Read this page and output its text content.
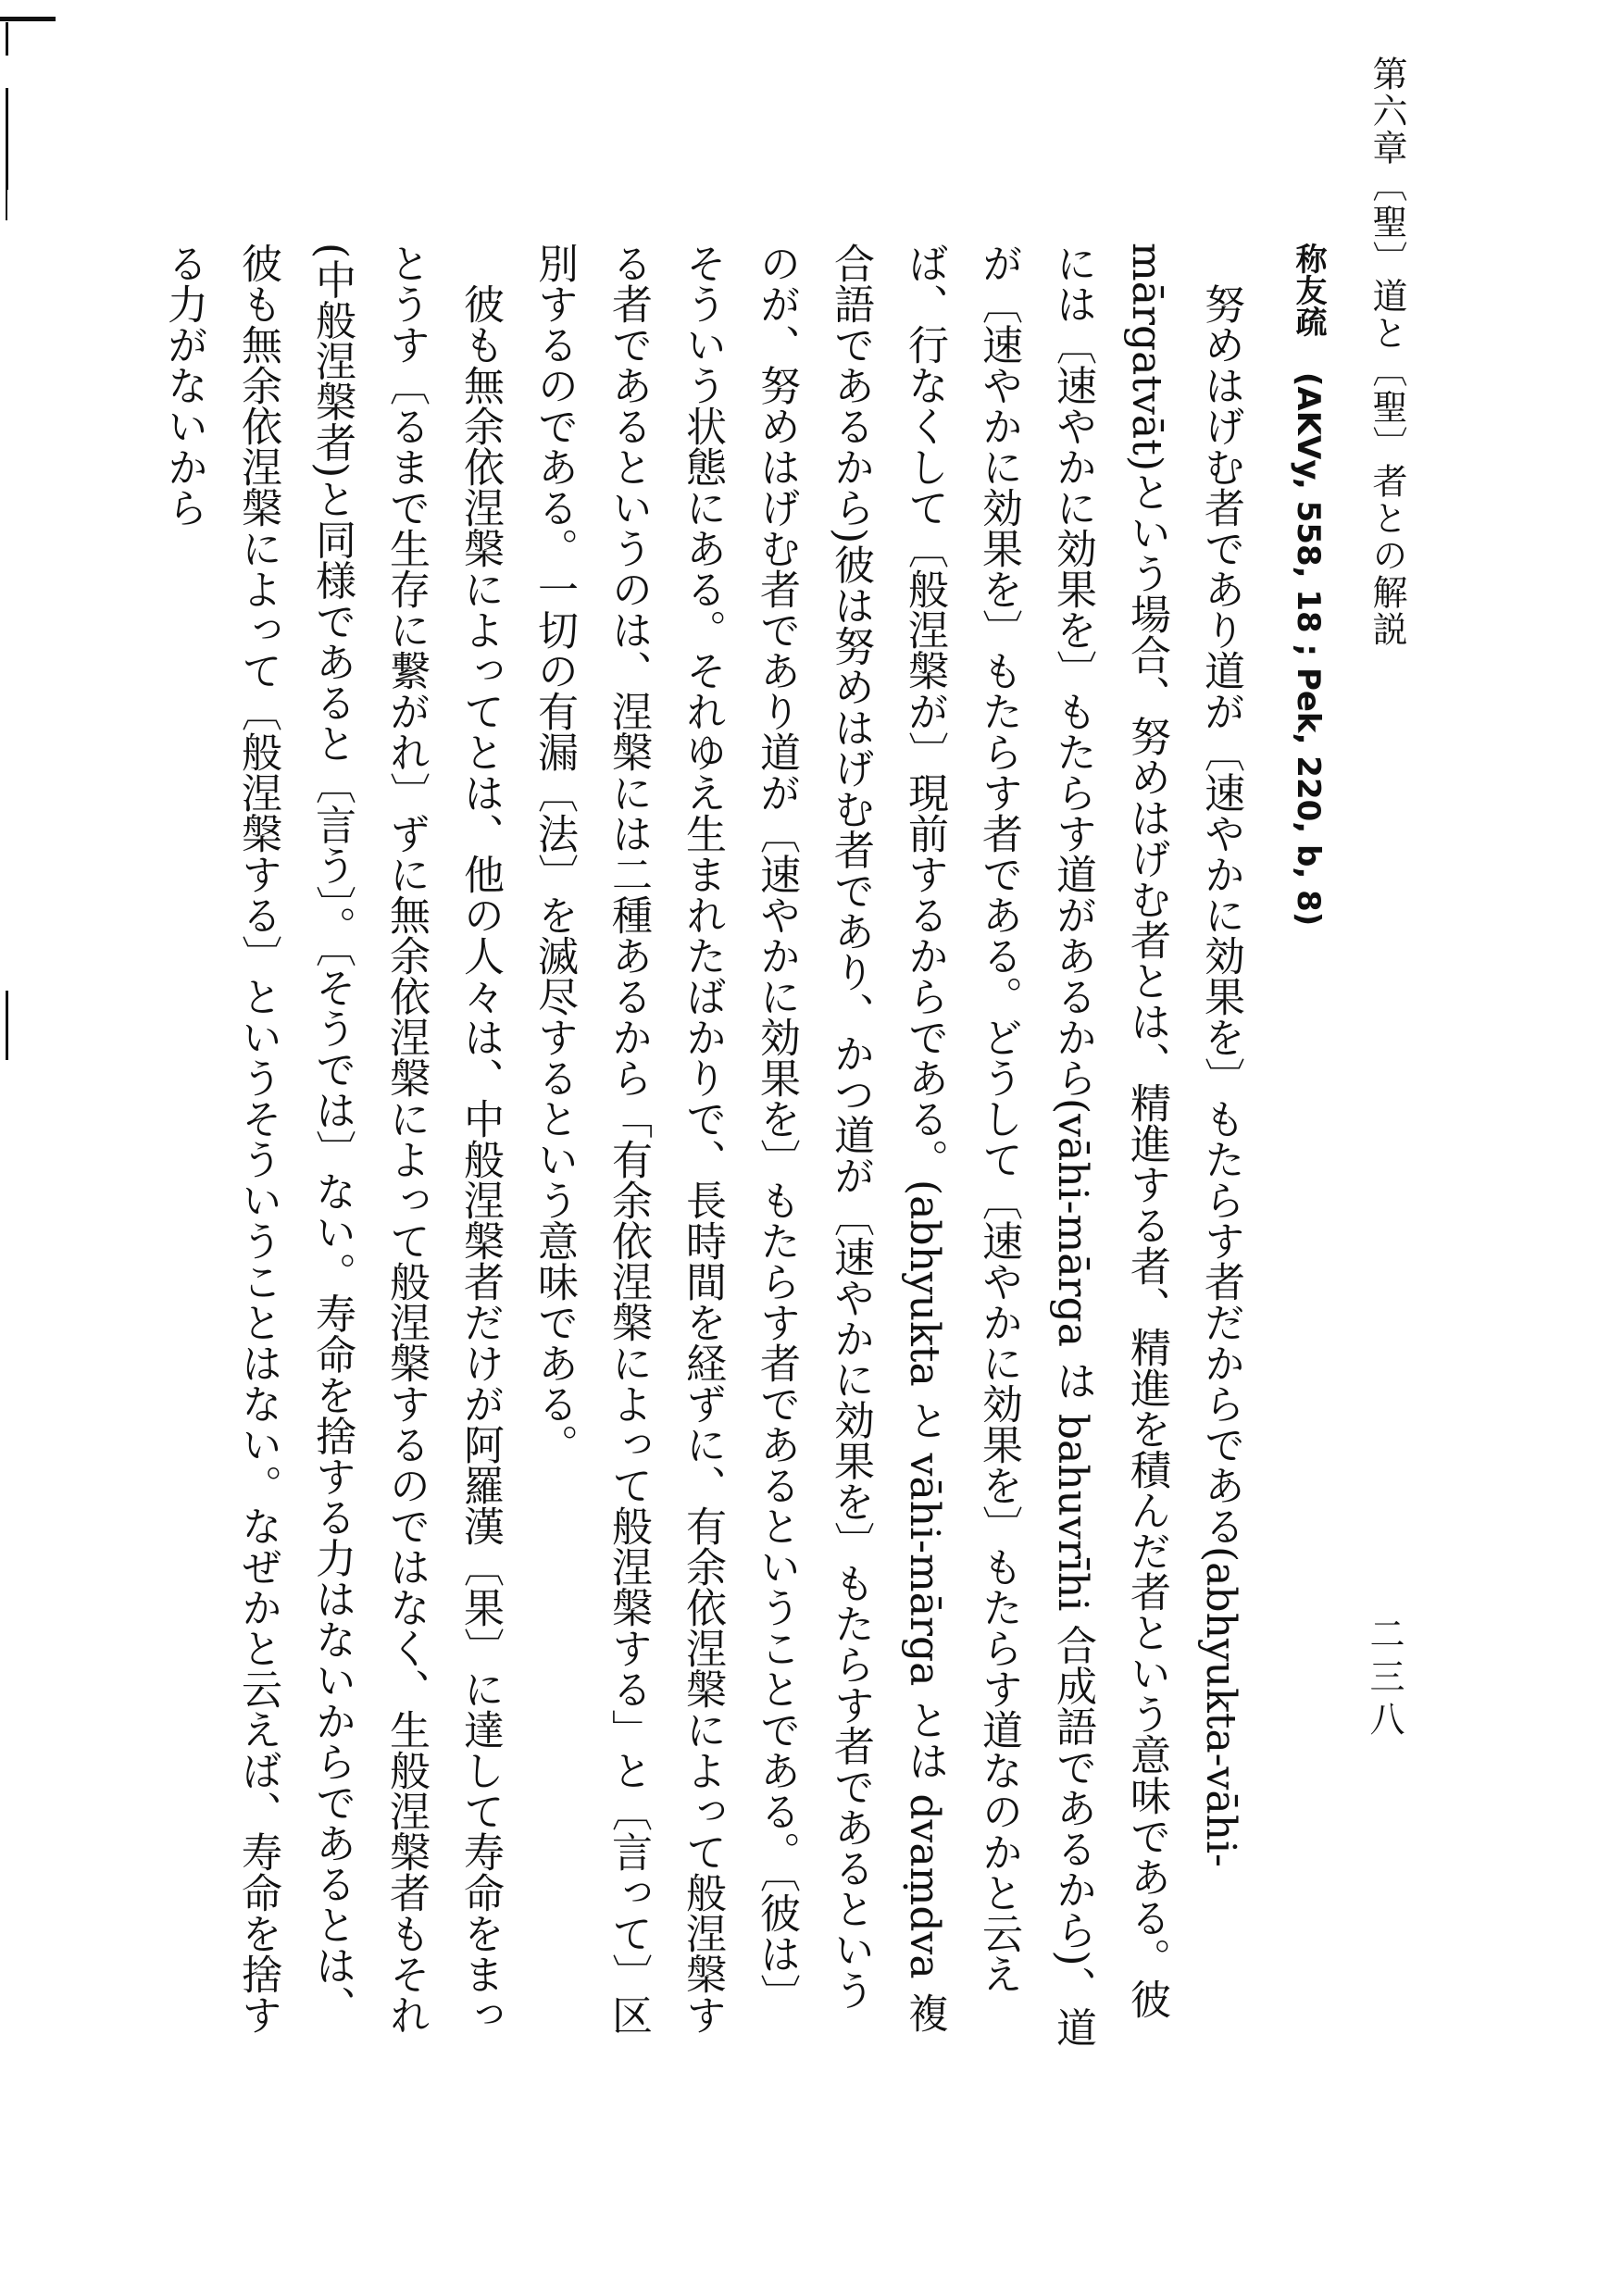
第六章〔聖〕道と〔聖〕者との解説
二三八
称友疏 (AKVy, 558, 18 ; Pek, 220, b, 8)

努めはげむ者であり道が〔速やかに効果を〕もたらす者だからである(abhyukta-vāhi-mārgatvāt)という場合、努めはげむ者とは、精進する者、精進を積んだ者という意味である。彼には〔速やかに効果を〕もたらす道があるから(vāhi-mārga は bahuvrīhi 合成語であるから)、道が〔速やかに効果を〕もたらす者である。どうして〔速やかに効果を〕もたらす道なのかと云えば、行なくして〔般涅槃が〕現前するからである。(abhyukta と vāhi-mārga とは dvaṃdva 複合語であるから)彼は努めはげむ者であり、かつ道が〔速やかに効果を〕もたらす者であるというのが、努めはげむ者であり道が〔速やかに効果を〕もたらす者であるということである。〔彼は〕そういう状態にある。それゆえ生まれたばかりで、長時間を経ずに、有余依涅槃によって般涅槃する者であるというのは、涅槃には二種あるから「有余依涅槃によって般涅槃する」と〔言って〕区別するのである。一切の有漏〔法〕を滅尽するという意味である。

彼も無余依涅槃によってとは、他の人々は、中般涅槃者だけが阿羅漢〔果〕に達して寿命をまっとうす〔るまで生存に繋がれ〕ずに無余依涅槃によって般涅槃するのではなく、生般涅槃者もそれ(中般涅槃者)と同様であると〔言う〕。〔そうでは〕ない。寿命を捨する力はないからであるとは、彼も無余依涅槃によって〔般涅槃する〕というそういうことはない。なぜかと云えば、寿命を捨する力がないから
